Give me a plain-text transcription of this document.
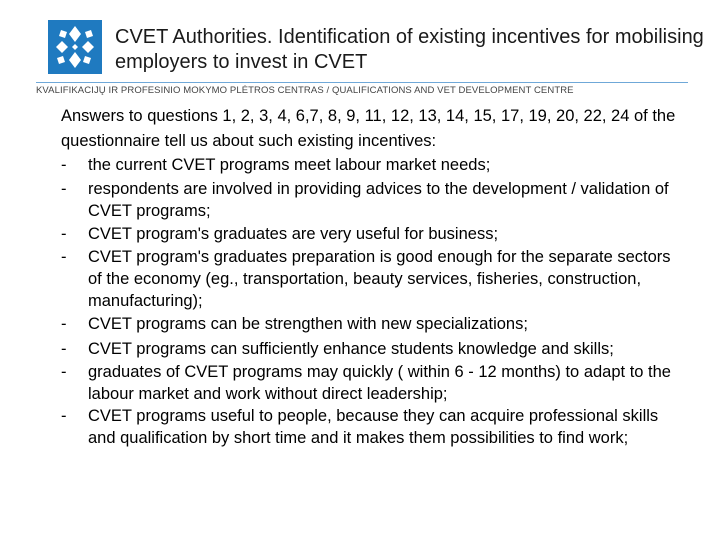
CVET Authorities. Identification of existing incentives for mobilising employers to invest in CVET
KVALIFIKACIJŲ IR PROFESINIO MOKYMO PLĖTROS CENTRAS / QUALIFICATIONS AND VET DEVELOPMENT CENTRE

Answers to questions 1, 2, 3, 4, 6,7, 8, 9, 11, 12, 13, 14, 15, 17, 19, 20, 22, 24 of the questionnaire tell us about such existing incentives:

-	the current CVET programs meet labour market needs;
-	respondents are involved in providing advices to the development / validation of CVET programs;
-	CVET program's graduates are very useful for business;
-	CVET program's graduates preparation is good enough for the separate sectors of the economy (eg., transportation, beauty services, fisheries, construction, manufacturing);
-	CVET programs can be strengthen with new specializations;
-	CVET programs can sufficiently enhance students knowledge and skills;
-	graduates of CVET programs may quickly ( within 6 - 12 months) to adapt to the labour market and work without direct leadership;
-	CVET programs useful to people, because they can acquire professional skills and qualification by short time and it makes them possibilities to find work;
